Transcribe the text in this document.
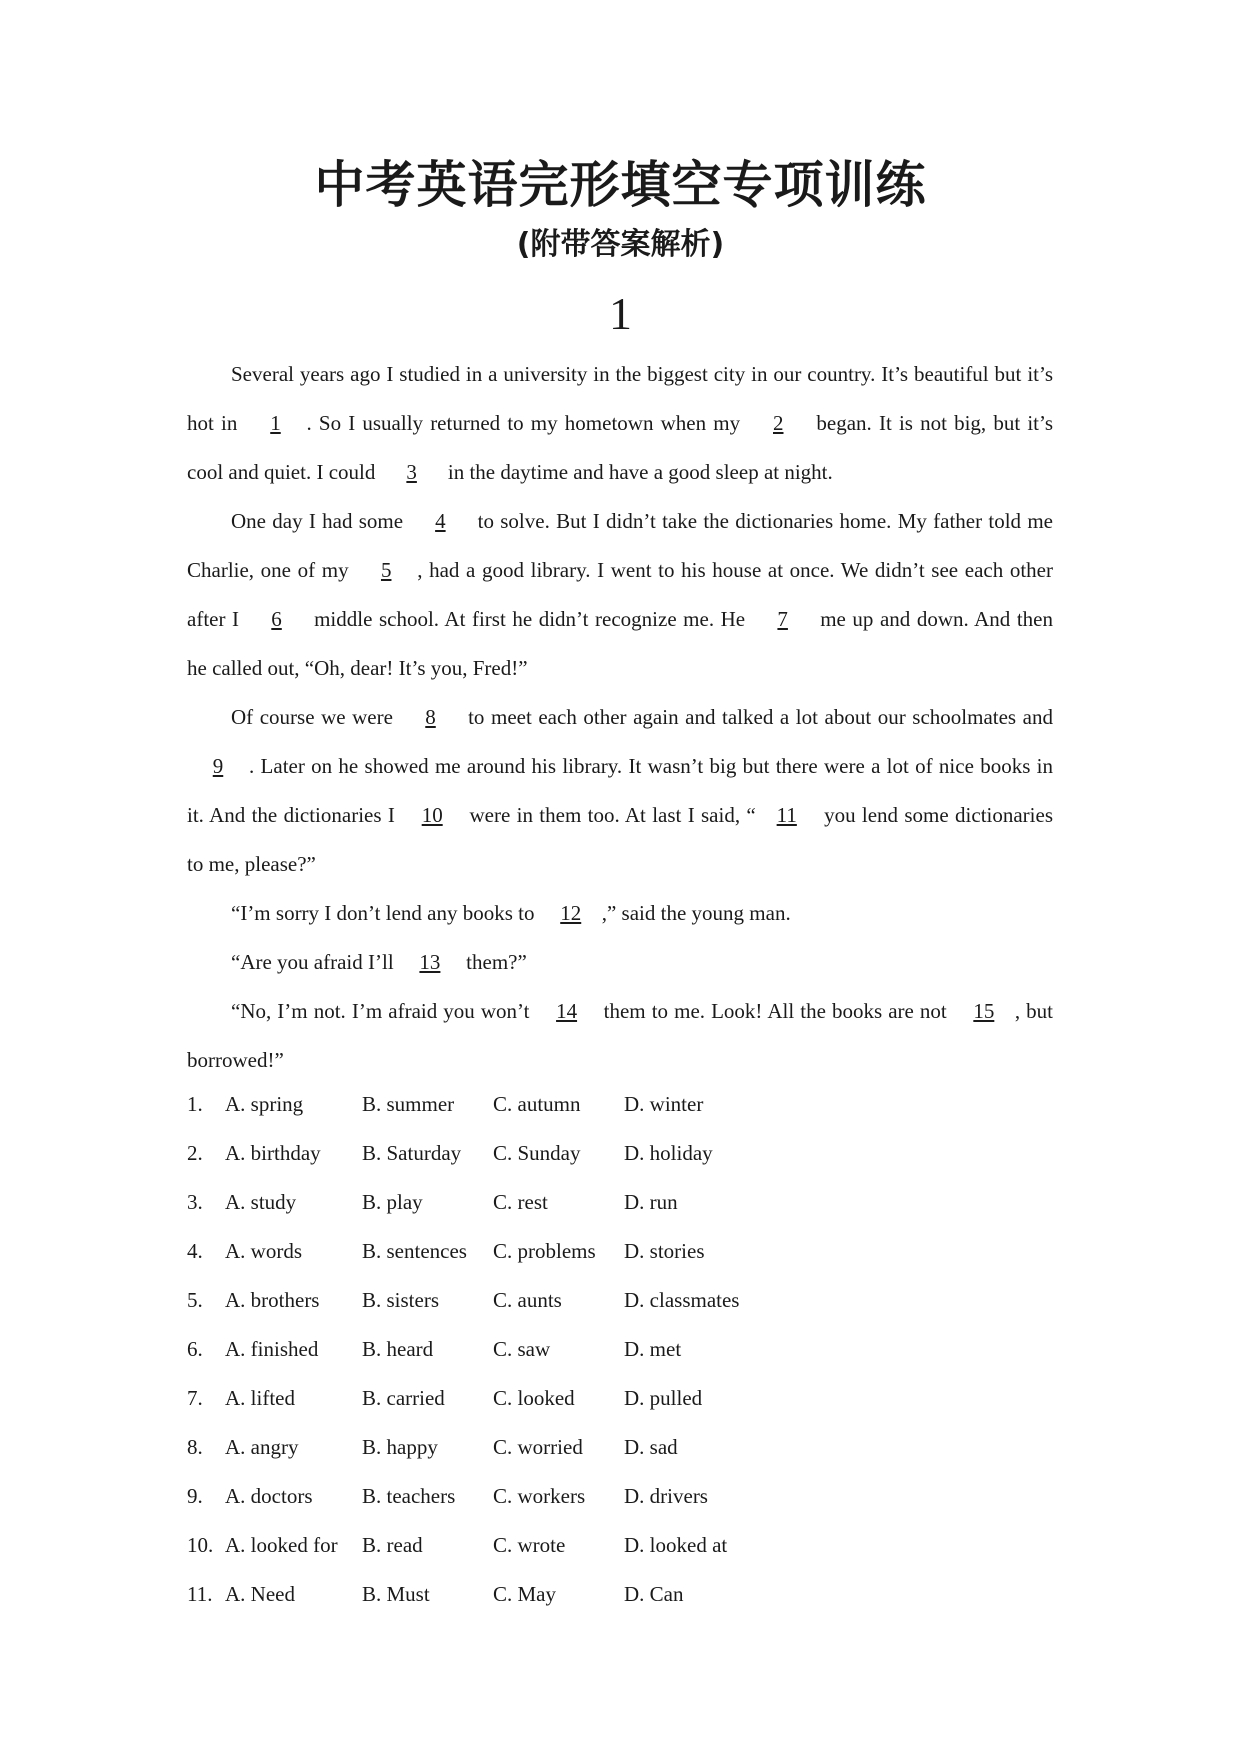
中考英语完形填空专项训练
(附带答案解析)
1

Several years ago I studied in a university in the biggest city in our country. It’s beautiful but it’s hot in 1 . So I usually returned to my hometown when my 2 began. It is not big, but it’s cool and quiet. I could 3 in the daytime and have a good sleep at night.

One day I had some 4 to solve. But I didn’t take the dictionaries home. My father told me Charlie, one of my 5 , had a good library. I went to his house at once. We didn’t see each other after I 6 middle school. At first he didn’t recognize me. He 7 me up and down. And then he called out, “Oh, dear! It’s you, Fred!”

Of course we were 8 to meet each other again and talked a lot about our schoolmates and 9 . Later on he showed me around his library. It wasn’t big but there were a lot of nice books in it. And the dictionaries I 10 were in them too. At last I said, “ 11 you lend some dictionaries to me, please?”

“I’m sorry I don’t lend any books to 12 ,” said the young man.

“Are you afraid I’ll 13 them?”

“No, I’m not. I’m afraid you won’t 14 them to me. Look! All the books are not 15 , but borrowed!”

1.	A. spring	B. summer	C. autumn	D. winter
2.	A. birthday	B. Saturday	C. Sunday	D. holiday
3.	A. study	B. play	C. rest	D. run
4.	A. words	B. sentences	C. problems	D. stories
5.	A. brothers	B. sisters	C. aunts	D. classmates
6.	A. finished	B. heard	C. saw	D. met
7.	A. lifted	B. carried	C. looked	D. pulled
8.	A. angry	B. happy	C. worried	D. sad
9.	A. doctors	B. teachers	C. workers	D. drivers
10. A. looked for	B. read	C. wrote	D. looked at
11. A. Need	B. Must	C. May	D. Can
